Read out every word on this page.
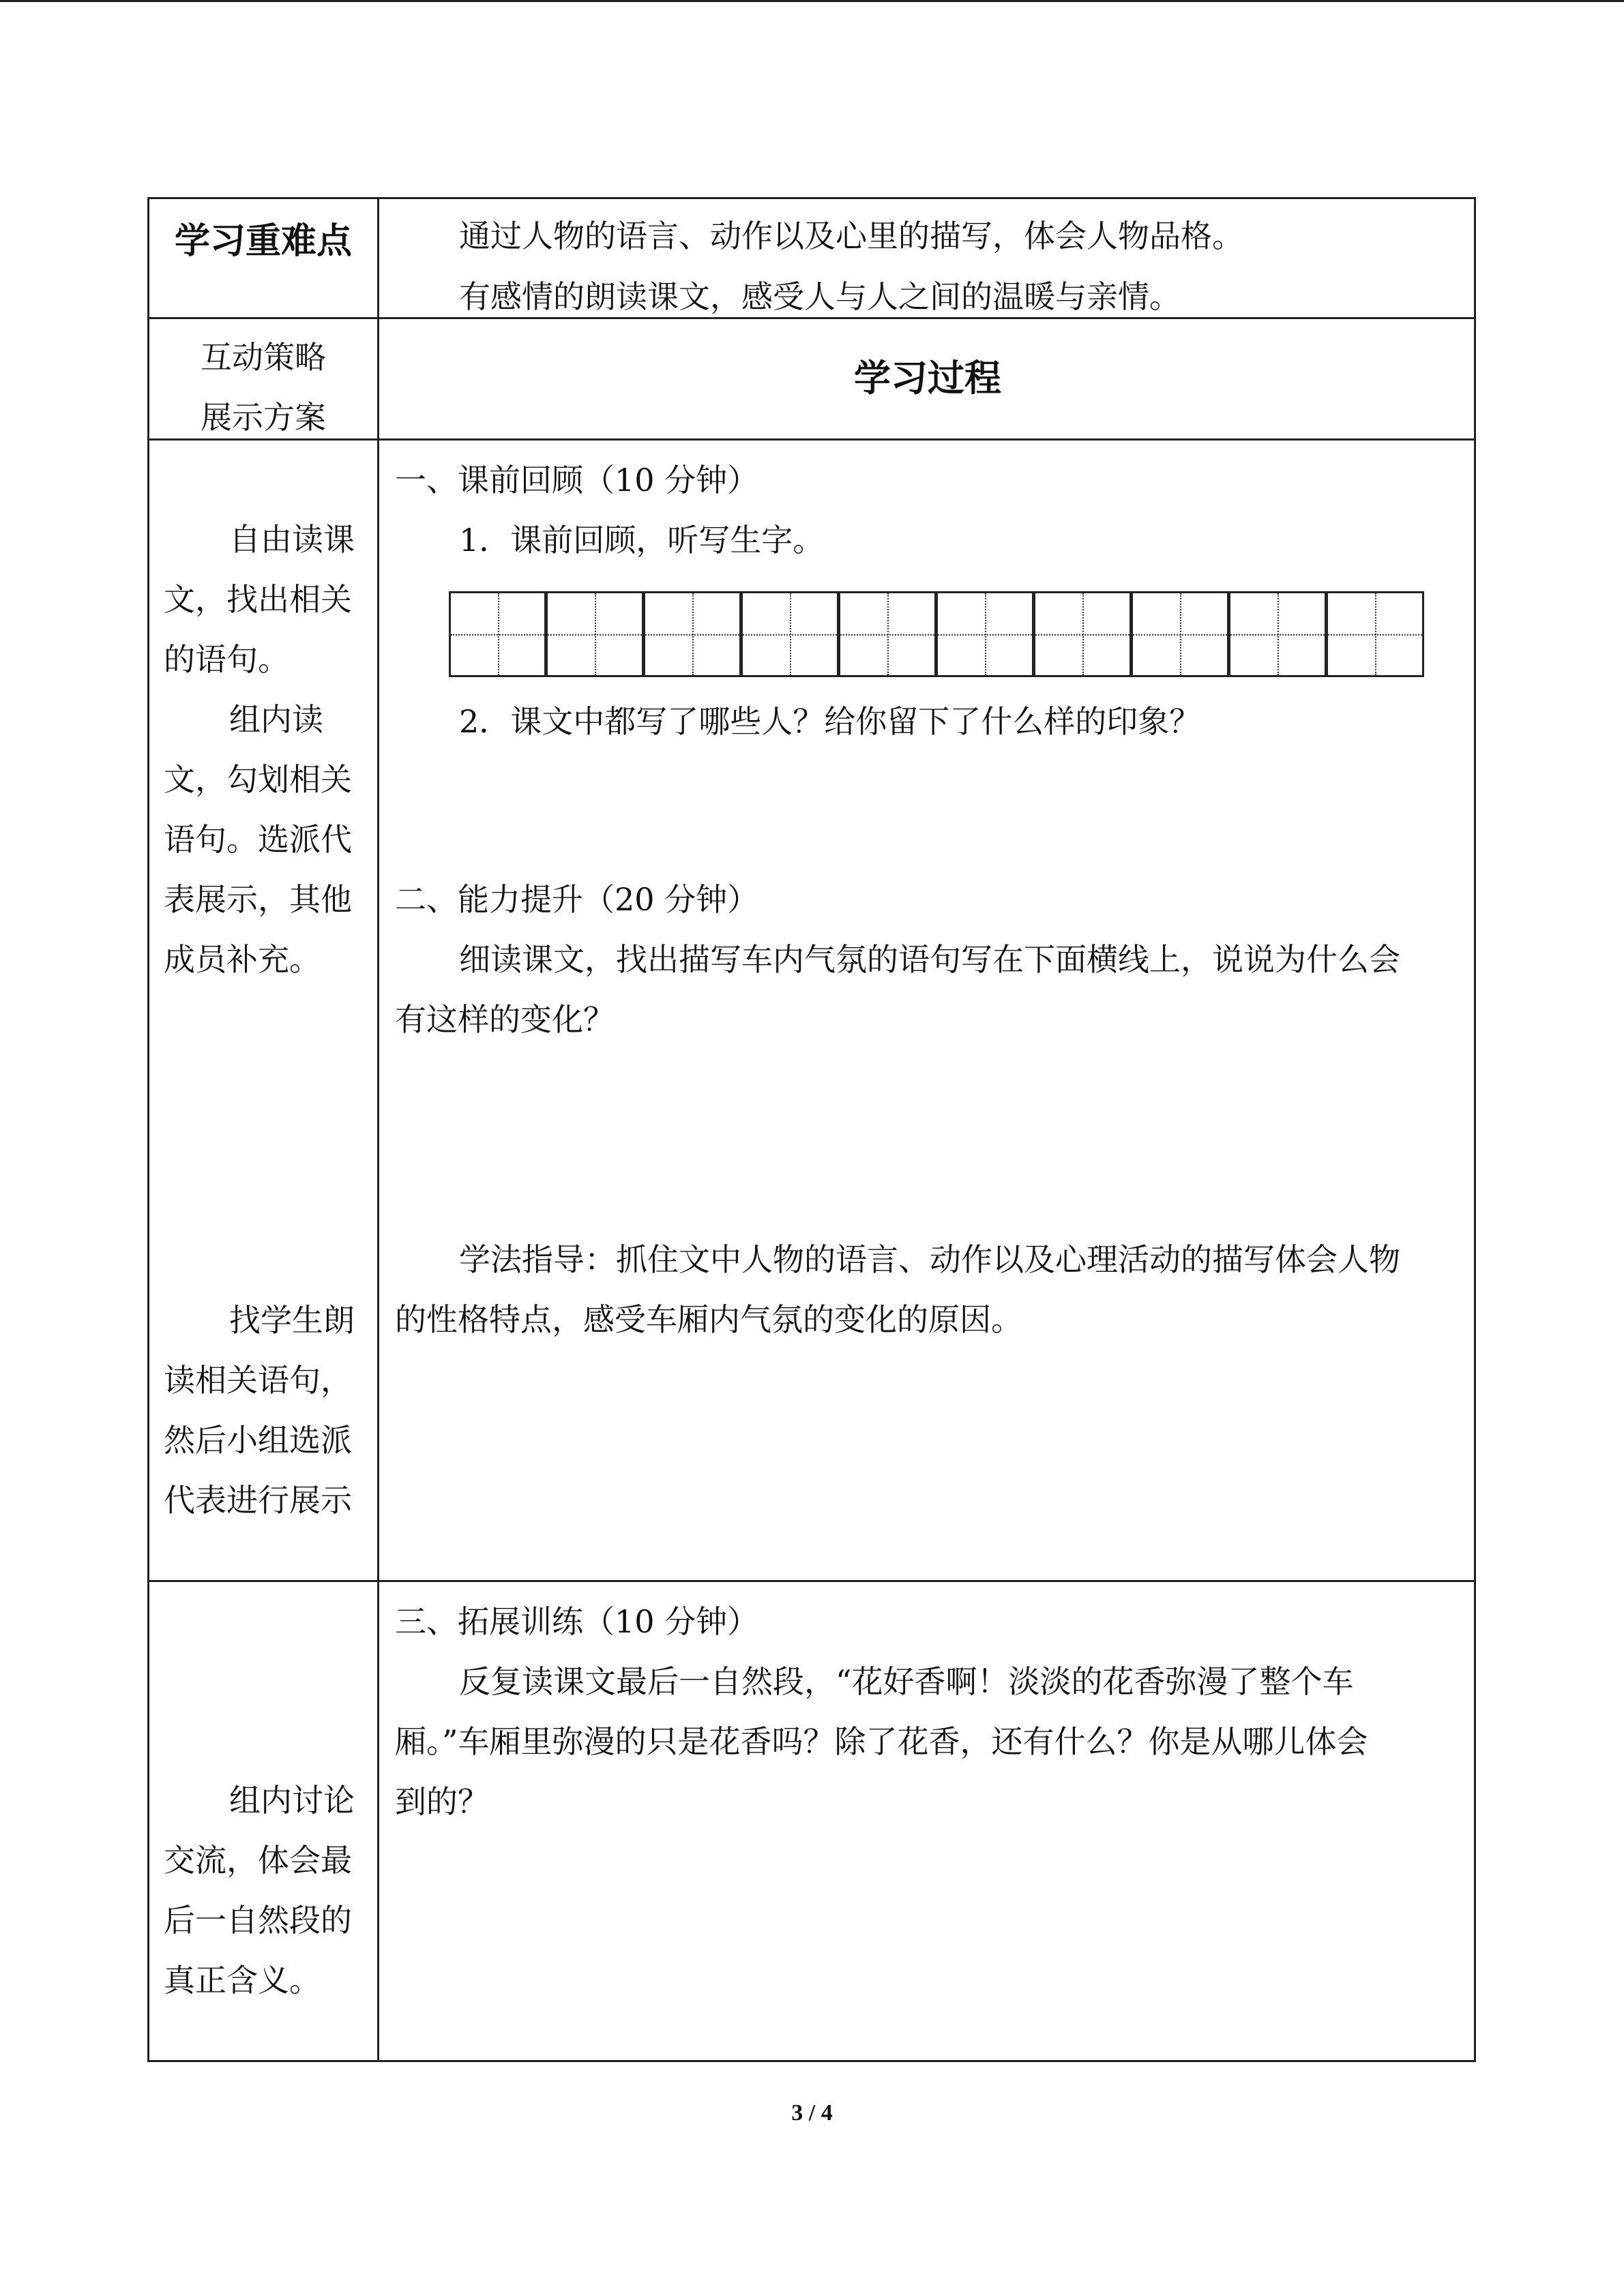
学习重难点	通过人物的语言、动作以及心里的描写，体会人物品格。
有感情的朗读课文，感受人与人之间的温暖与亲情。
互动策略
展示方案
学习过程
自由读课
文，找出相关
的语句。
组内读
文，勾划相关
语句。选派代
表展示，其他
成员补充。
找学生朗
读相关语句，
然后小组选派
代表进行展示
一、课前回顾（10 分钟）
1．课前回顾，听写生字。
2．课文中都写了哪些人？给你留下了什么样的印象？
二、能力提升（20 分钟）
细读课文，找出描写车内气氛的语句写在下面横线上，说说为什么会
有这样的变化？
学法指导：抓住文中人物的语言、动作以及心理活动的描写体会人物
的性格特点，感受车厢内气氛的变化的原因。
组内讨论
交流，体会最
后一自然段的
真正含义。
三、拓展训练（10 分钟）
反复读课文最后一自然段，“花好香啊！淡淡的花香弥漫了整个车
厢。”车厢里弥漫的只是花香吗？除了花香，还有什么？你是从哪儿体会
到的？
3 / 4
